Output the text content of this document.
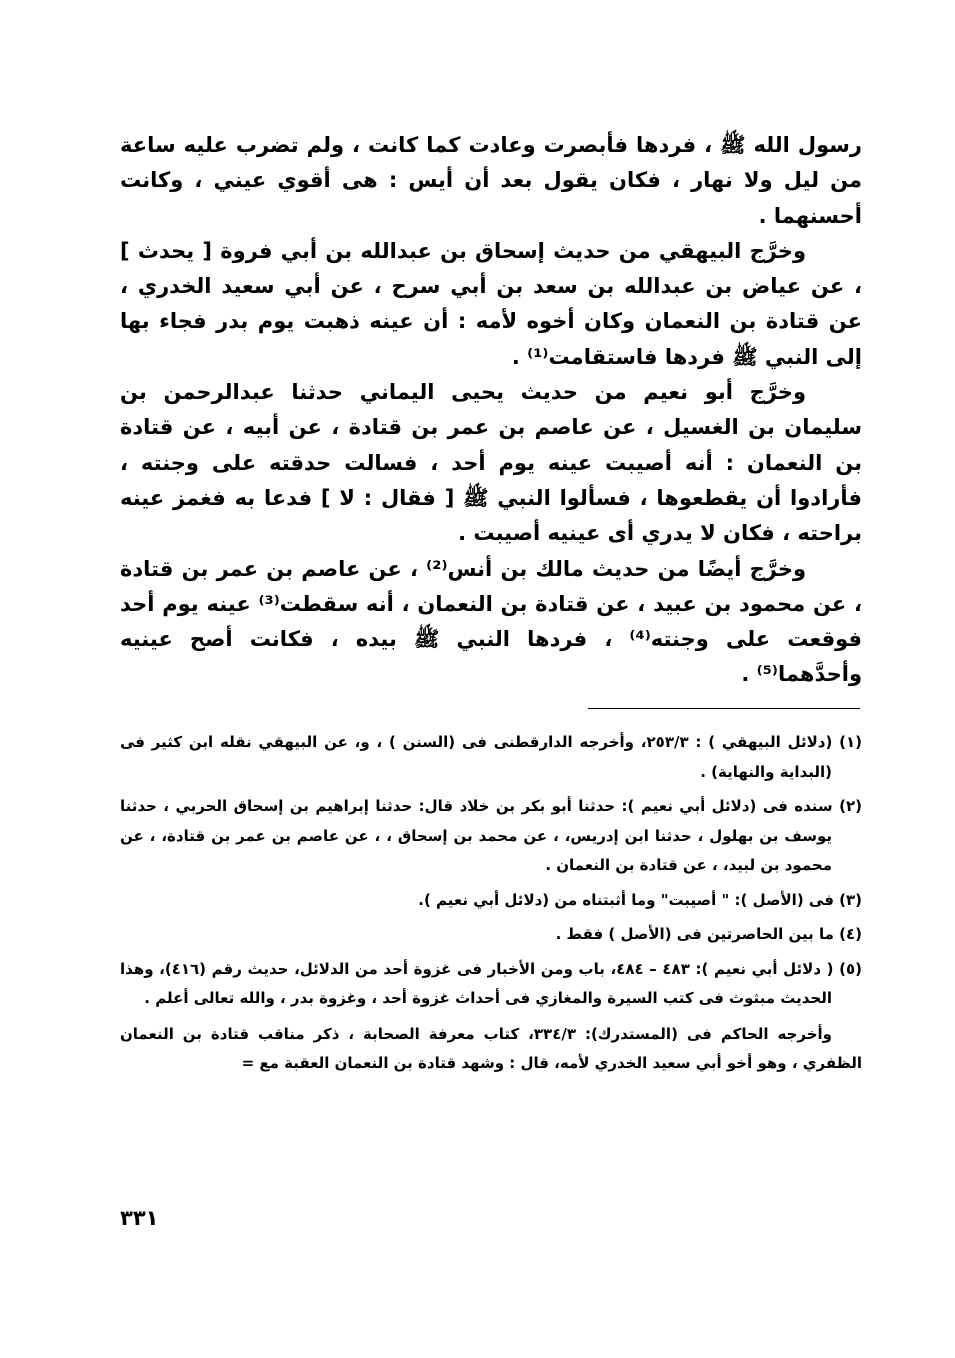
رسول الله ﷺ ، فردها فأبصرت وعادت كما كانت ، ولم تضرب عليه ساعة من ليل ولا نهار ، فكان يقول بعد أن أيس : هى أقوي عيني ، وكانت أحسنهما .

وخرَّج البيهقي من حديث إسحاق بن عبدالله بن أبي فروة [ يحدث ] ، عن عياض بن عبدالله بن سعد بن أبي سرح ، عن أبي سعيد الخدري ، عن قتادة بن النعمان وكان أخوه لأمه : أن عينه ذهبت يوم بدر فجاء بها إلى النبي ﷺ فردها فاستقامت⁽¹⁾ .

وخرَّج أبو نعيم من حديث يحيى اليماني حدثنا عبدالرحمن بن سليمان بن الغسيل ، عن عاصم بن عمر بن قتادة ، عن أبيه ، عن قتادة بن النعمان : أنه أصيبت عينه يوم أحد ، فسالت حدقته على وجنته ، فأرادوا أن يقطعوها ، فسألوا النبي ﷺ [ فقال : لا ] فدعا به فغمز عينه براحته ، فكان لا يدري أى عينيه أصيبت .

وخرَّج أيضًا من حديث مالك بن أنس⁽²⁾ ، عن عاصم بن عمر بن قتادة ، عن محمود بن عبيد ، عن قتادة بن النعمان ، أنه سقطت⁽³⁾ عينه يوم أحد فوقعت على وجنته⁽⁴⁾ ، فردها النبي ﷺ بيده ، فكانت أصح عينيه وأحدَّهما⁽⁵⁾ .

(١) (دلائل البيهقي ) : ٢٥٣/٣، وأخرجه الدارقطنى فى (السنن ) ، و، عن البيهقي نقله ابن كثير فى (البداية والنهاية) .

(٢) سنده فى (دلائل أبي نعيم ): حدثنا أبو بكر بن خلاد قال: حدثنا إبراهيم بن إسحاق الحربي ، حدثنا يوسف بن بهلول ، حدثنا ابن إدريس، ، عن محمد بن إسحاق ، ، عن عاصم بن عمر بن قتادة، ، عن محمود بن لبيد، ، عن قتادة بن النعمان .

(٣) فى (الأصل ): " أصيبت" وما أثبتناه من (دلائل أبي نعيم ).

(٤) ما بين الحاصرتين فى (الأصل ) فقط .

(٥) ( دلائل أبي نعيم ): ٤٨٣ – ٤٨٤، باب ومن الأخبار فى غزوة أحد من الدلائل، حديث رقم (٤١٦)، وهذا الحديث مبثوث فى كتب السيرة والمغازي فى أحداث غزوة أحد ، وغزوة بدر ، والله تعالى أعلم .

وأخرجه الحاكم فى (المستدرك): ٣٣٤/٣، كتاب معرفة الصحابة ، ذكر مناقب قتادة بن النعمان الظفري ، وهو أخو أبي سعيد الخدري لأمه، قال : وشهد قتادة بن النعمان العقبة مع =

٣٣١
